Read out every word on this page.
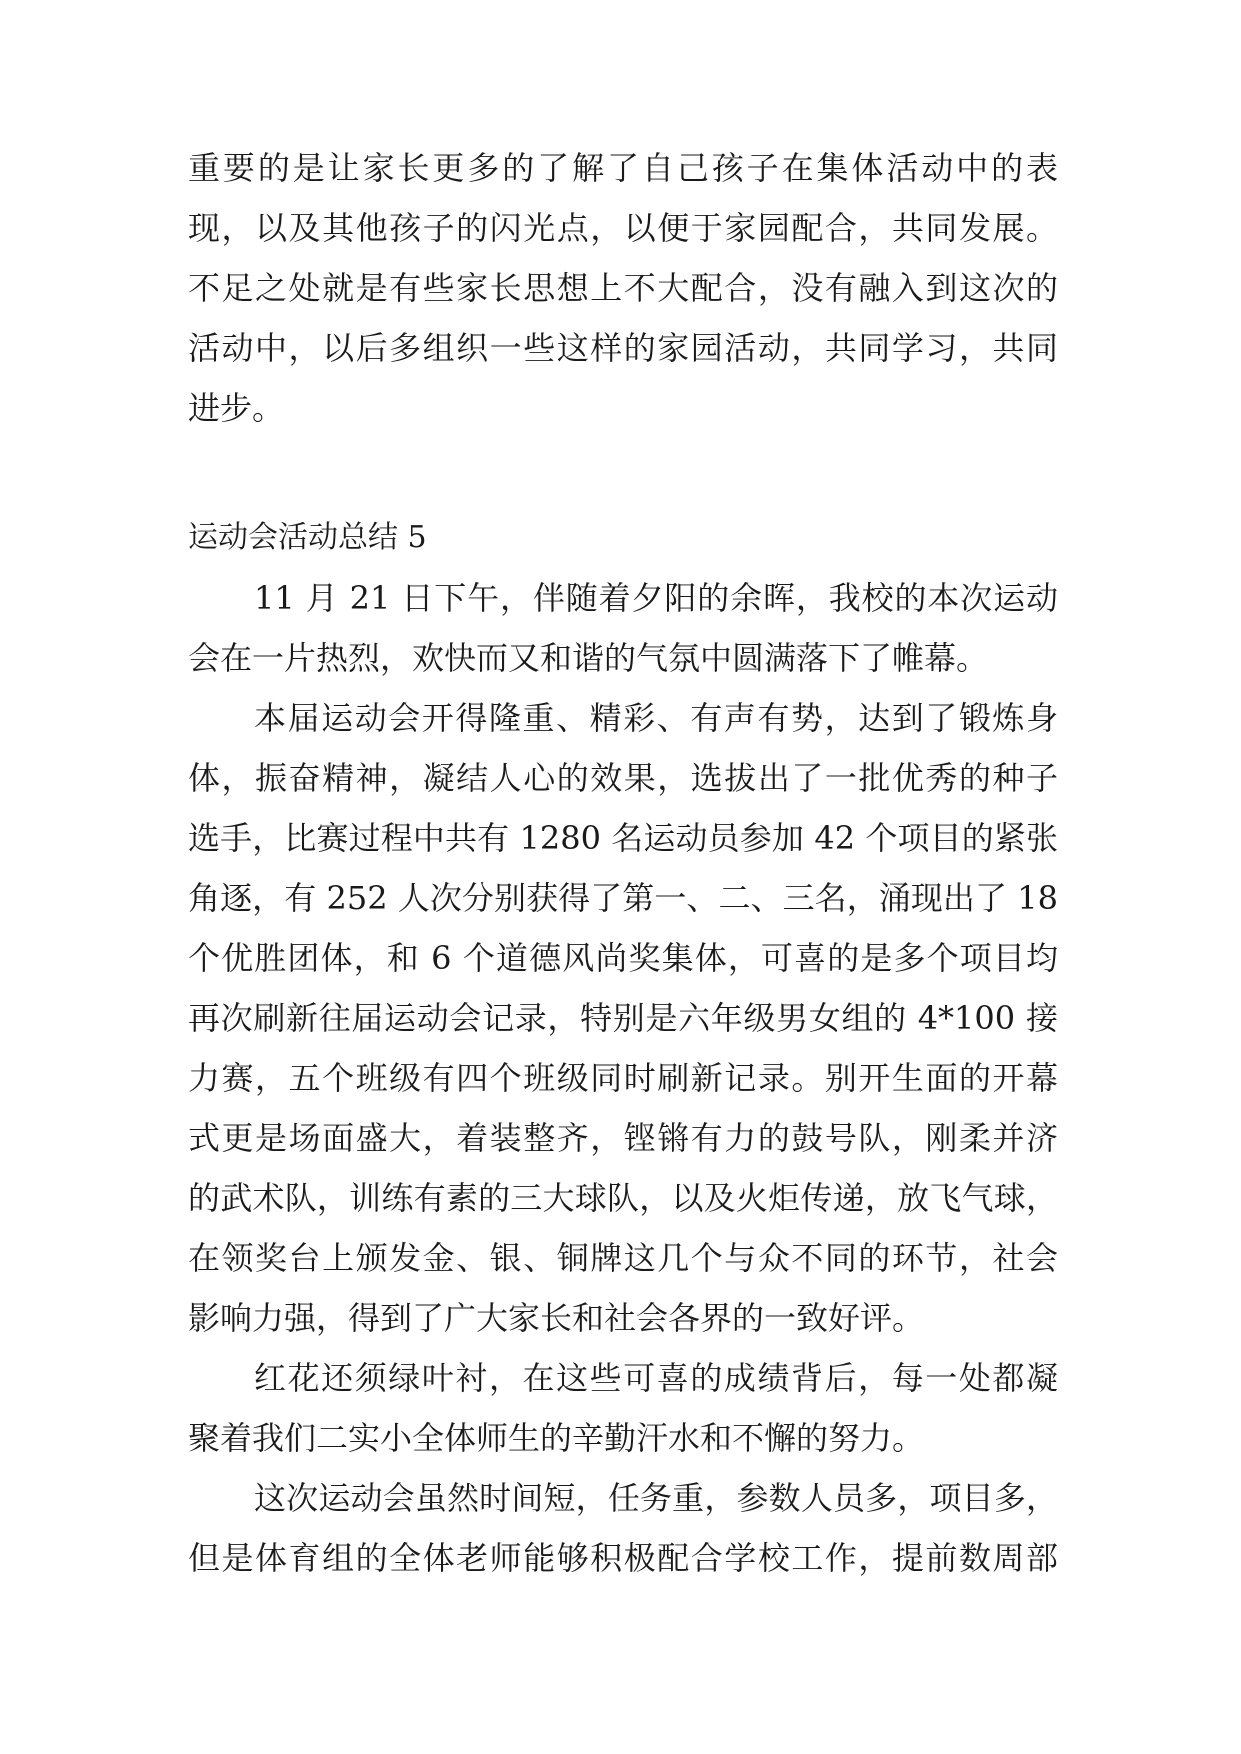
重要的是让家长更多的了解了自己孩子在集体活动中的表
现，以及其他孩子的闪光点，以便于家园配合，共同发展。
不足之处就是有些家长思想上不大配合，没有融入到这次的
活动中，以后多组织一些这样的家园活动，共同学习，共同
进步。
运动会活动总结 5
11 月 21 日下午，伴随着夕阳的余晖，我校的本次运动
会在一片热烈，欢快而又和谐的气氛中圆满落下了帷幕。
本届运动会开得隆重、精彩、有声有势，达到了锻炼身
体，振奋精神，凝结人心的效果，选拔出了一批优秀的种子
选手，比赛过程中共有 1280 名运动员参加 42 个项目的紧张
角逐，有 252 人次分别获得了第一、二、三名，涌现出了 18
个优胜团体，和 6 个道德风尚奖集体，可喜的是多个项目均
再次刷新往届运动会记录，特别是六年级男女组的 4*100 接
力赛，五个班级有四个班级同时刷新记录。别开生面的开幕
式更是场面盛大，着装整齐，铿锵有力的鼓号队，刚柔并济
的武术队，训练有素的三大球队，以及火炬传递，放飞气球，
在领奖台上颁发金、银、铜牌这几个与众不同的环节，社会
影响力强，得到了广大家长和社会各界的一致好评。
红花还须绿叶衬，在这些可喜的成绩背后，每一处都凝
聚着我们二实小全体师生的辛勤汗水和不懈的努力。
这次运动会虽然时间短，任务重，参数人员多，项目多，
但是体育组的全体老师能够积极配合学校工作，提前数周部
